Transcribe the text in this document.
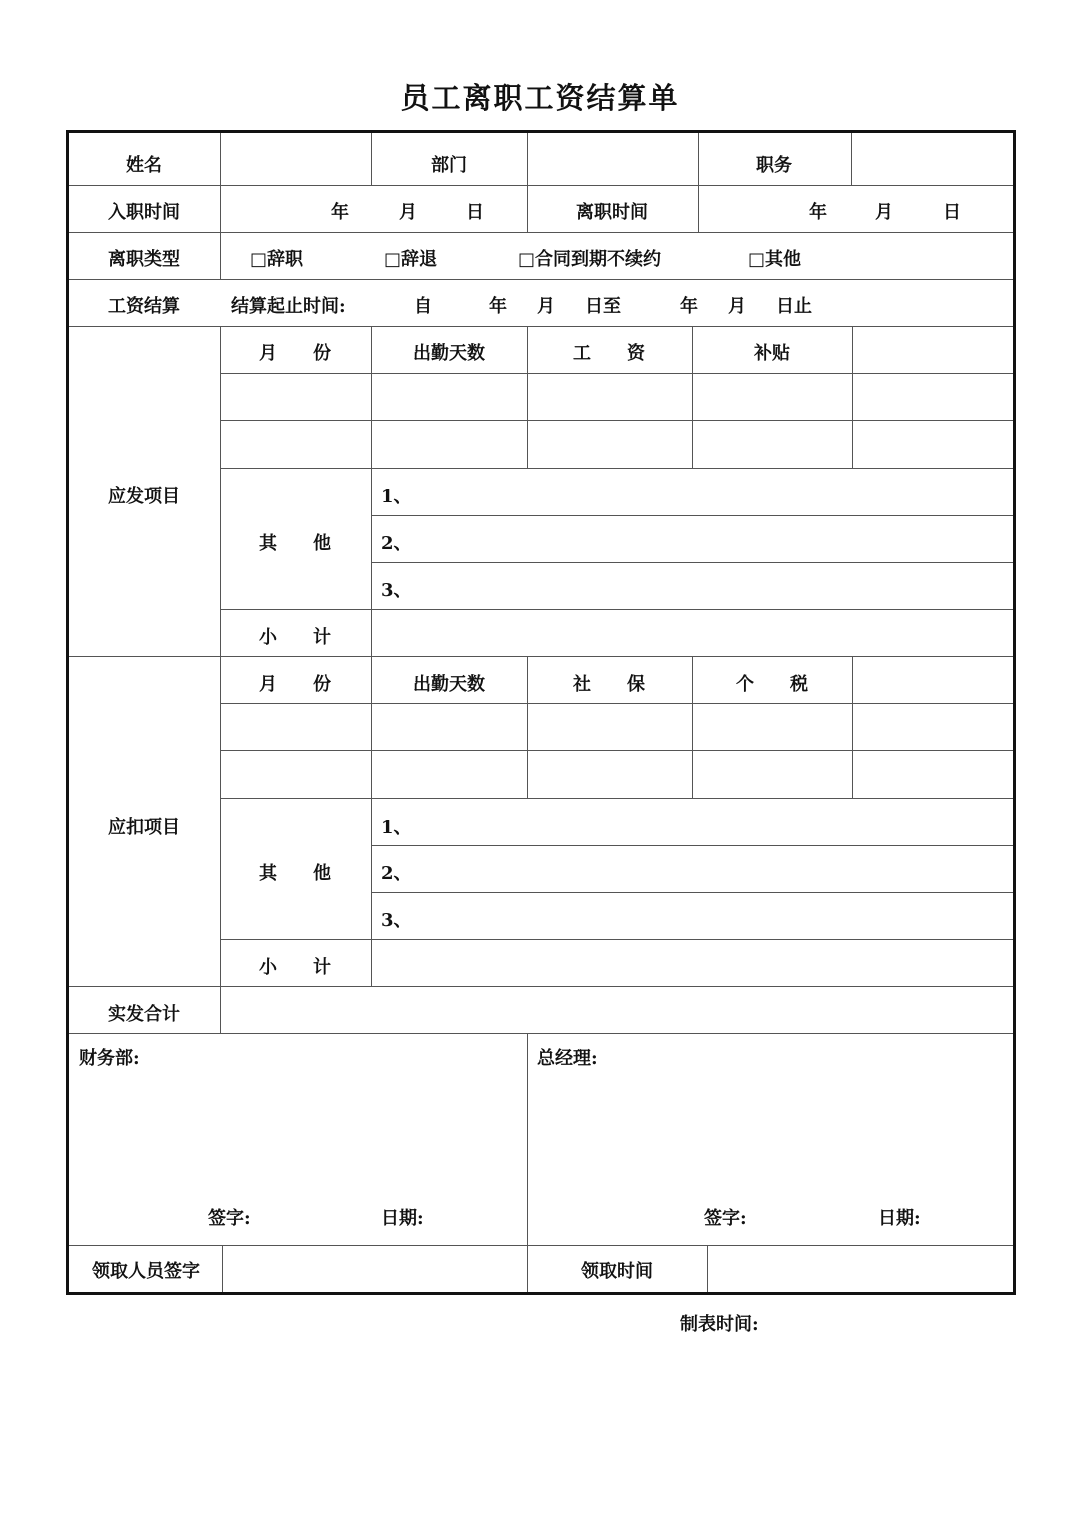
员工离职工资结算单
姓名	部门	职务
入职时间	年	月	日	离职时间	年	月	日
离职类型	□辞职	□辞退	□合同到期不续约	□其他
工资结算	结算起止时间:	自	年 月 日至	年 月 日止
应发项目
月　　份	出勤天数	工　　资	补贴
其　　他
1、
2、
3、
小　　计
应扣项目
月　　份	出勤天数	社　　保	个　　税
其　　他
1、
2、
3、
小　　计
实发合计
财务部:
签字:	日期:
总经理:
签字:	日期:
领取人员签字	领取时间
制表时间:
